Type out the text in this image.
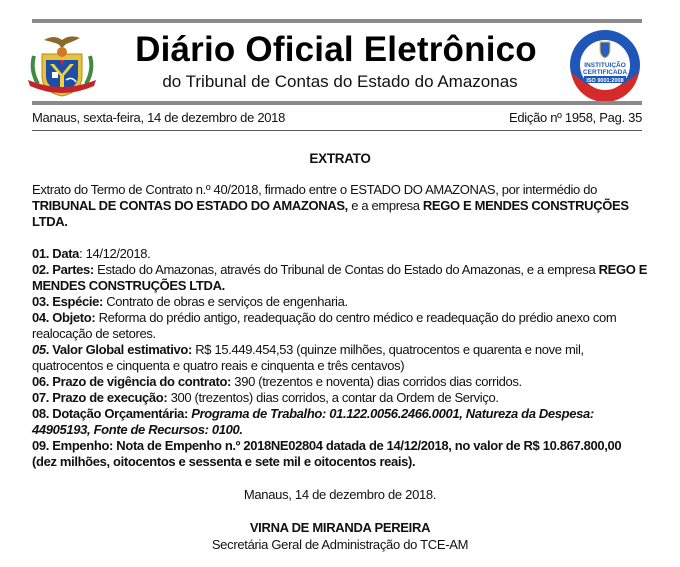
Diário Oficial Eletrônico
do Tribunal de Contas do Estado do Amazonas
INSTITUIÇÃO
CERTIFICADA
ISO 9001:2008
Manaus, sexta-feira, 14 de dezembro de 2018	Edição nº 1958, Pag. 35
EXTRATO

Extrato do Termo de Contrato n.º 40/2018, firmado entre o ESTADO DO AMAZONAS, por intermédio do TRIBUNAL DE CONTAS DO ESTADO DO AMAZONAS, e a empresa REGO E MENDES CONSTRUÇÕES LTDA.

01. Data: 14/12/2018.

02. Partes: Estado do Amazonas, através do Tribunal de Contas do Estado do Amazonas, e a empresa REGO E MENDES CONSTRUÇÕES LTDA.

03. Espécie: Contrato de obras e serviços de engenharia.

04. Objeto: Reforma do prédio antigo, readequação do centro médico e readequação do prédio anexo com realocação de setores.

05. Valor Global estimativo: R$ 15.449.454,53 (quinze milhões, quatrocentos e quarenta e nove mil, quatrocentos e cinquenta e quatro reais e cinquenta e três centavos)

06. Prazo de vigência do contrato: 390 (trezentos e noventa) dias corridos dias corridos.

07. Prazo de execução: 300 (trezentos) dias corridos, a contar da Ordem de Serviço.

08. Dotação Orçamentária: Programa de Trabalho: 01.122.0056.2466.0001, Natureza da Despesa: 44905193, Fonte de Recursos: 0100.

09. Empenho: Nota de Empenho n.º 2018NE02804 datada de 14/12/2018, no valor de R$ 10.867.800,00 (dez milhões, oitocentos e sessenta e sete mil e oitocentos reais).

Manaus, 14 de dezembro de 2018.
VIRNA DE MIRANDA PEREIRA
Secretária Geral de Administração do TCE-AM
